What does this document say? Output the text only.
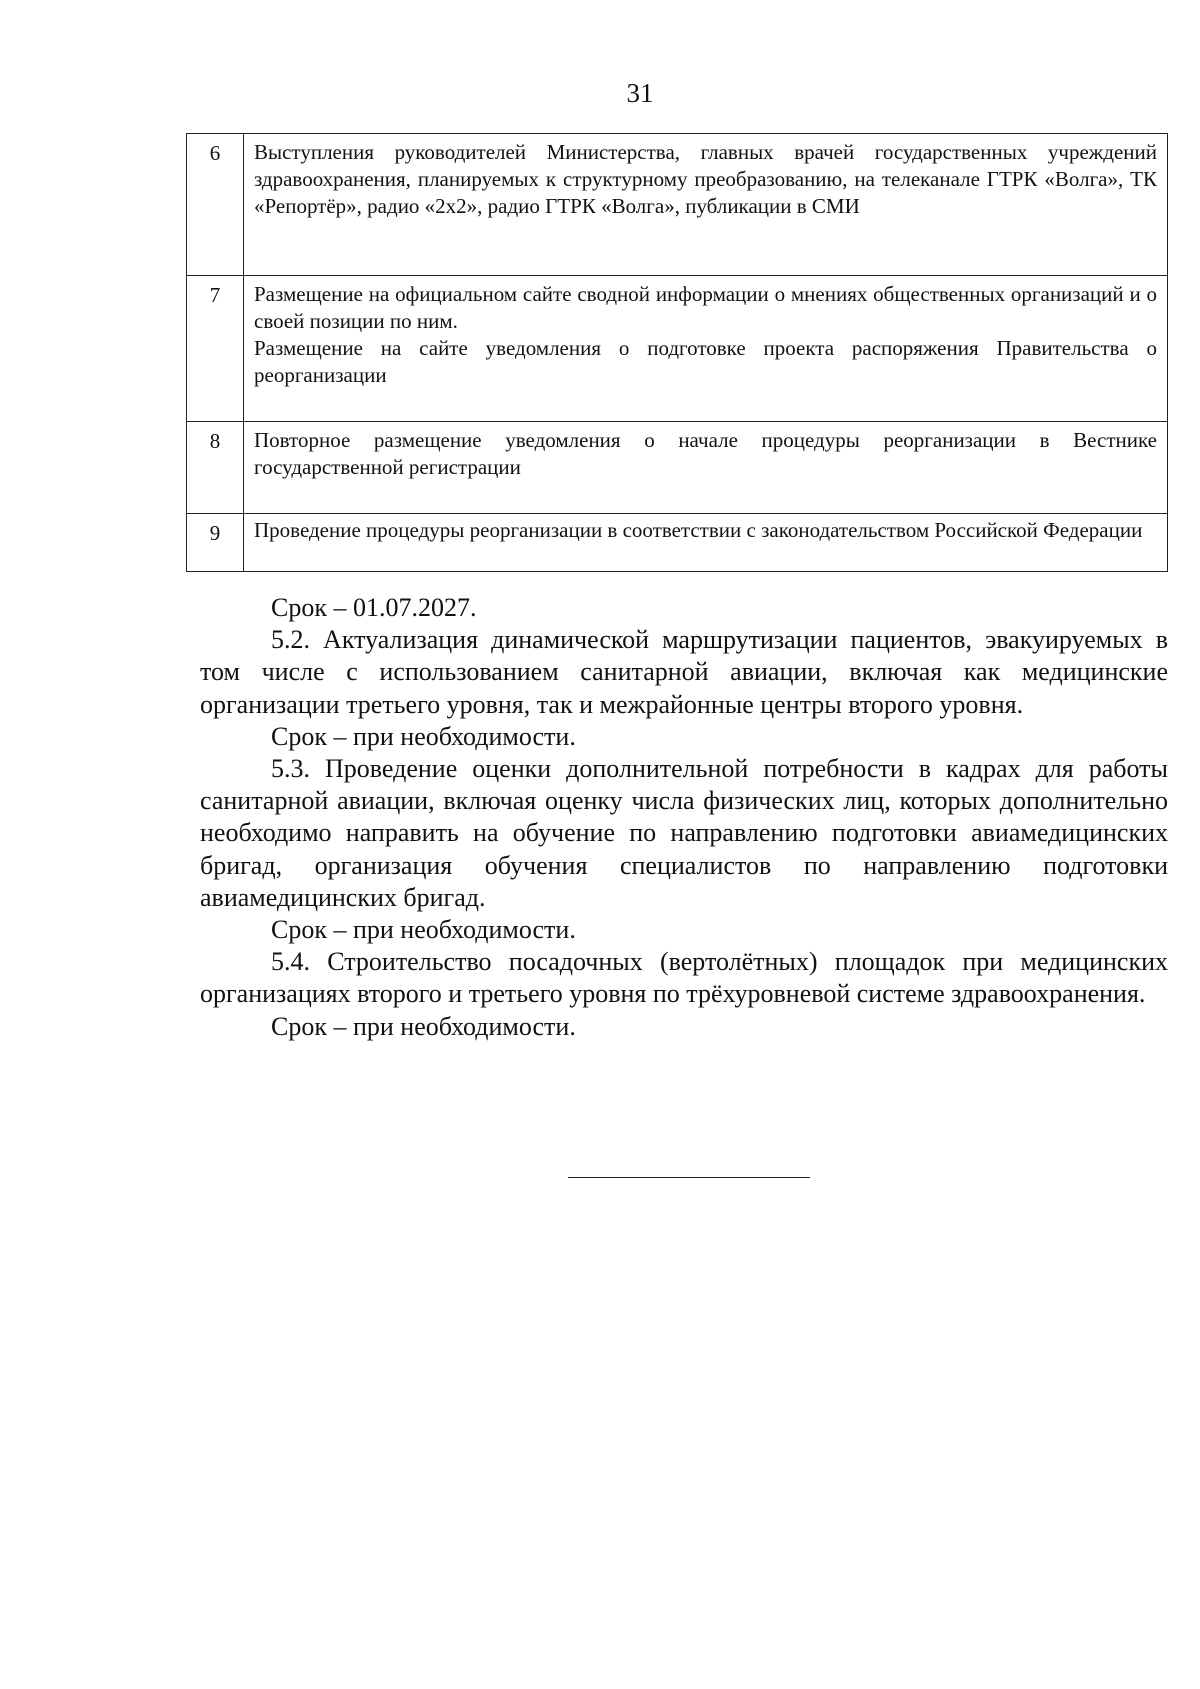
31
6	Выступления руководителей Министерства, главных врачей государственных учреждений здравоохранения, планируемых к структурному преобразованию, на телеканале ГТРК «Волга», ТК «Репортёр», радио «2х2», радио ГТРК «Волга», публикации в СМИ

7	Размещение на официальном сайте сводной информации о мнениях общественных организаций и о своей позиции по ним.

Размещение на сайте уведомления о подготовке проекта распоряжения Правительства о реорганизации

8	Повторное размещение уведомления о начале процедуры реорганизации в Вестнике государственной регистрации

9	Проведение процедуры реорганизации в соответствии с законодательством Российской Федерации

Срок – 01.07.2027.

5.2. Актуализация динамической маршрутизации пациентов, эвакуируемых в том числе с использованием санитарной авиации, включая как медицинские организации третьего уровня, так и межрайонные центры второго уровня.

Срок – при необходимости.

5.3. Проведение оценки дополнительной потребности в кадрах для работы санитарной авиации, включая оценку числа физических лиц, которых дополнительно необходимо направить на обучение по направлению подготовки авиамедицинских бригад, организация обучения специалистов по направлению подготовки авиамедицинских бригад.

Срок – при необходимости.

5.4. Строительство посадочных (вертолётных) площадок при медицинских организациях второго и третьего уровня по трёхуровневой системе здравоохранения.

Срок – при необходимости.
